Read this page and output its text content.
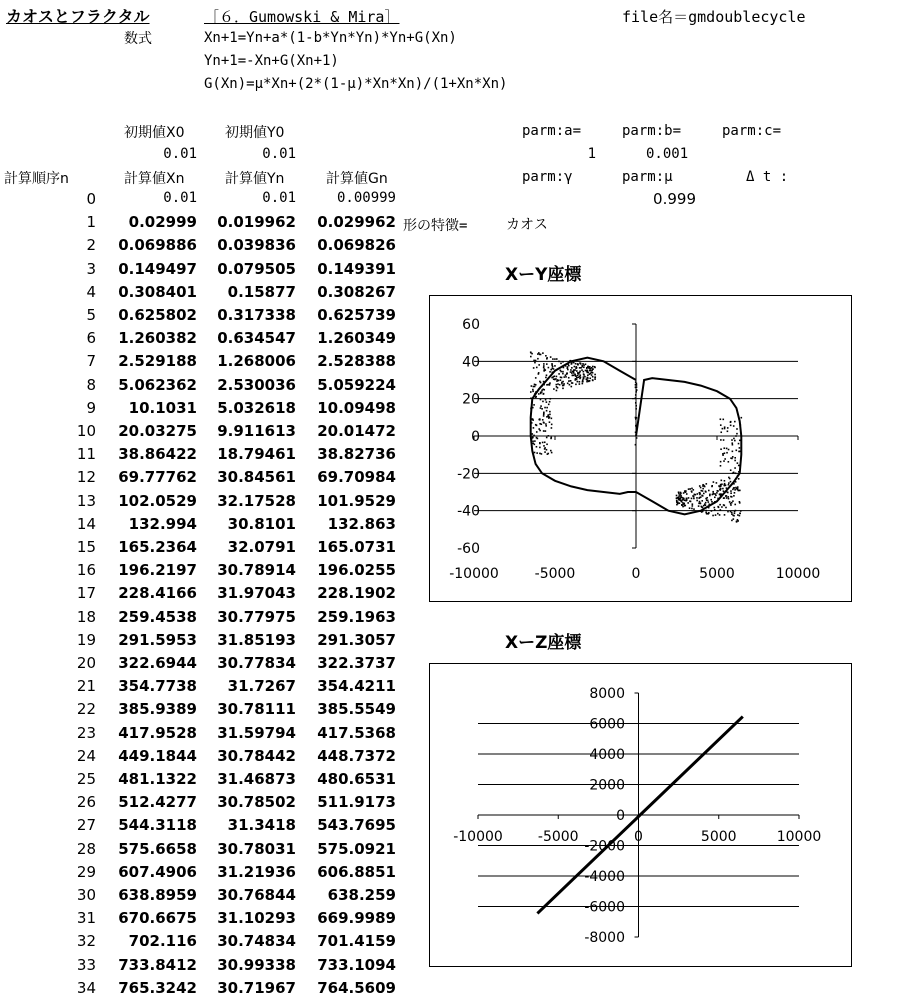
カオスとフラクタル	［６．Gumowski & Mira］	file名＝gmdoublecycle
数式	Xn+1=Yn+a*(1-b*Yn*Yn)*Yn+G(Xn)
Yn+1=-Xn+G(Xn+1)
G(Xn)=μ*Xn+(2*(1-μ)*Xn*Xn)/(1+Xn*Xn)
初期値X0	初期値Y0
0.01	0.01
parm:a=	parm:b=	parm:c=
1	0.001
parm:γ	parm:μ	Δ t :
0.999
計算順序n	計算値Xn	計算値Yn	計算値Gn
形の特徴=	カオス
0	0.01	0.01	0.00999
1	0.02999	0.019962	0.029962
2	0.069886	0.039836	0.069826
3	0.149497	0.079505	0.149391
4	0.308401	0.15877	0.308267
5	0.625802	0.317338	0.625739
6	1.260382	0.634547	1.260349
7	2.529188	1.268006	2.528388
8	5.062362	2.530036	5.059224
9	10.1031	5.032618	10.09498
10	20.03275	9.911613	20.01472
11	38.86422	18.79461	38.82736
12	69.77762	30.84561	69.70984
13	102.0529	32.17528	101.9529
14	132.994	30.8101	132.863
15	165.2364	32.0791	165.0731
16	196.2197	30.78914	196.0255
17	228.4166	31.97043	228.1902
18	259.4538	30.77975	259.1963
19	291.5953	31.85193	291.3057
20	322.6944	30.77834	322.3737
21	354.7738	31.7267	354.4211
22	385.9389	30.78111	385.5549
23	417.9528	31.59794	417.5368
24	449.1844	30.78442	448.7372
25	481.1322	31.46873	480.6531
26	512.4277	30.78502	511.9173
27	544.3118	31.3418	543.7695
28	575.6658	30.78031	575.0921
29	607.4906	31.21936	606.8851
30	638.8959	30.76844	638.259
31	670.6675	31.10293	669.9989
32	702.116	30.74834	701.4159
33	733.8412	30.99338	733.1094
34	765.3242	30.71967	764.5609
XーY座標
60
40
20
0
-20
-40
-60
-10000	-5000	0	5000	10000
XーZ座標
8000
6000
4000
2000
0
-2000
-4000
-6000
-8000
-10000	-5000	0	5000	10000
